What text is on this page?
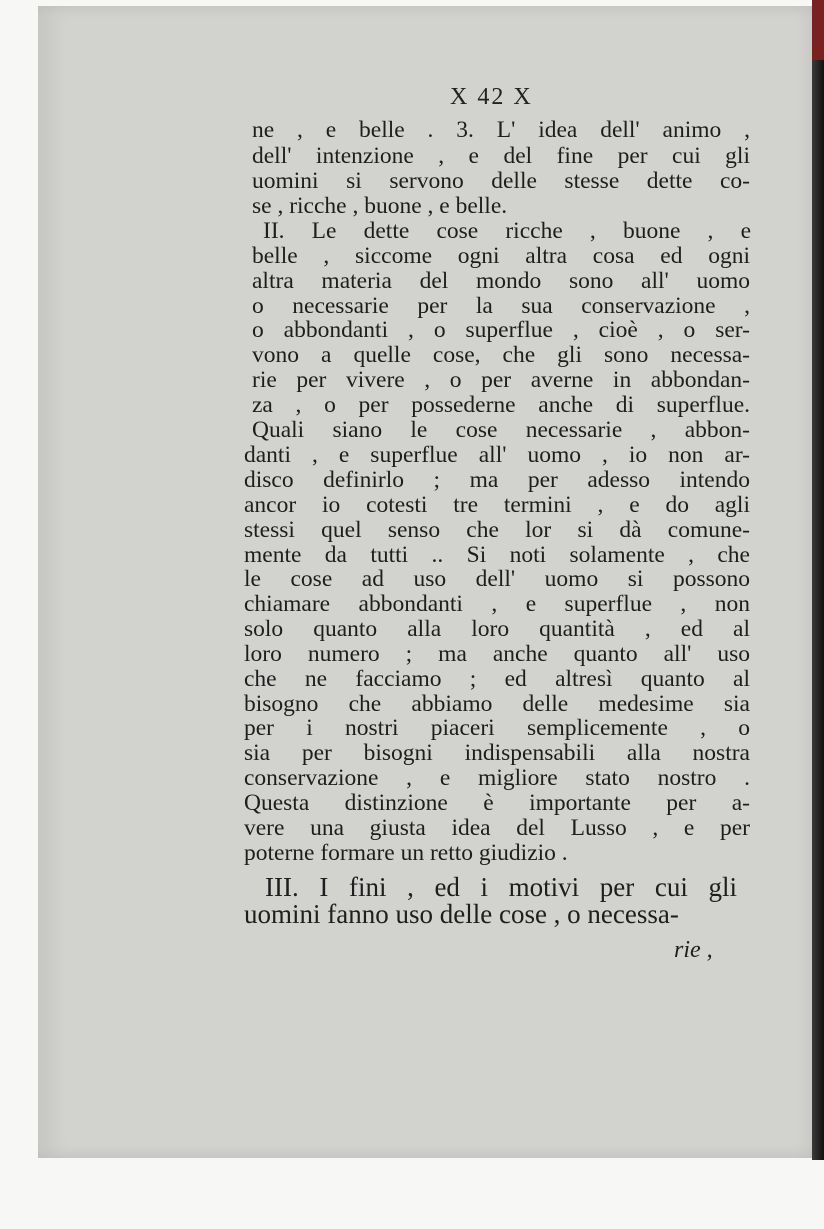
X 42 X
ne , e belle . 3. L' idea dell' animo ,
dell' intenzione , e del fine per cui gli
uomini si servono delle stesse dette co-
se , ricche , buone , e belle.
II. Le dette cose ricche , buone , e
belle , siccome ogni altra cosa ed ogni
altra materia del mondo sono all' uomo
o necessarie per la sua conservazione ,
o abbondanti , o superflue , cioè , o ser-
vono a quelle cose, che gli sono necessa-
rie per vivere , o per averne in abbondan-
za , o per possederne anche di superflue.
Quali siano le cose necessarie , abbon-
danti , e superflue all' uomo , io non ar-
disco definirlo ; ma per adesso intendo
ancor io cotesti tre termini , e do agli
stessi quel senso che lor si dà comune-
mente da tutti .. Si noti solamente , che
le cose ad uso dell' uomo si possono
chiamare abbondanti , e superflue , non
solo quanto alla loro quantità , ed al
loro numero ; ma anche quanto all' uso
che ne facciamo ; ed altresì quanto al
bisogno che abbiamo delle medesime sia
per i nostri piaceri semplicemente , o
sia per bisogni indispensabili alla nostra
conservazione , e migliore stato nostro .
Questa distinzione è importante per a-
vere una giusta idea del Lusso , e per
poterne formare un retto giudizio .
III. I fini , ed i motivi per cui gli
uomini fanno uso delle cose , o necessa-
rie ,
